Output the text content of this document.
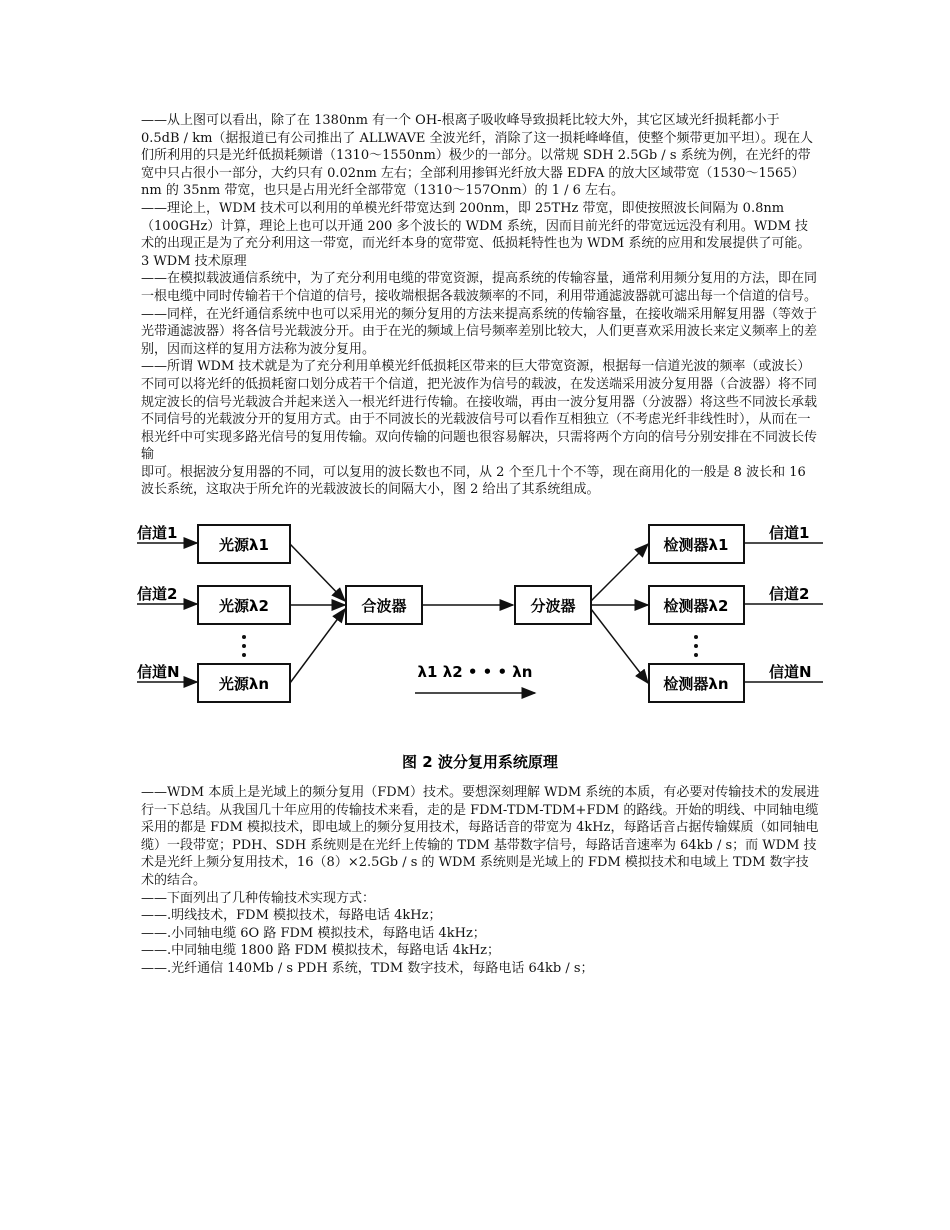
——从上图可以看出，除了在 1380nm 有一个 OH-根离子吸收峰导致损耗比较大外，其它区域光纤损耗都小于 0.5dB / km（据报道已有公司推出了 ALLWAVE 全波光纤，消除了这一损耗峰峰值，使整个频带更加平坦）。现在人们所利用的只是光纤低损耗频谱（1310～1550nm）极少的一部分。以常规 SDH 2.5Gb / s 系统为例，在光纤的带宽中只占很小一部分，大约只有 0.02nm 左右；全部利用掺铒光纤放大器 EDFA 的放大区域带宽（1530～1565）nm 的 35nm 带宽，也只是占用光纤全部带宽（1310～157Onm）的 1 / 6 左右。

——理论上，WDM 技术可以利用的单模光纤带宽达到 200nm，即 25THz 带宽，即使按照波长间隔为 0.8nm（100GHz）计算，理论上也可以开通 200 多个波长的 WDM 系统，因而目前光纤的带宽远远没有利用。WDM 技术的出现正是为了充分利用这一带宽，而光纤本身的宽带宽、低损耗特性也为 WDM 系统的应用和发展提供了可能。

3 WDM 技术原理

——在模拟载波通信系统中，为了充分利用电缆的带宽资源，提高系统的传输容量，通常利用频分复用的方法，即在同一根电缆中同时传输若干个信道的信号，接收端根据各载波频率的不同，利用带通滤波器就可滤出每一个信道的信号。

——同样，在光纤通信系统中也可以采用光的频分复用的方法来提高系统的传输容量，在接收端采用解复用器（等效于光带通滤波器）将各信号光载波分开。由于在光的频域上信号频率差别比较大，人们更喜欢采用波长来定义频率上的差别，因而这样的复用方法称为波分复用。

——所谓 WDM 技术就是为了充分利用单模光纤低损耗区带来的巨大带宽资源，根据每一信道光波的频率（或波长）不同可以将光纤的低损耗窗口划分成若干个信道，把光波作为信号的载波，在发送端采用波分复用器（合波器）将不同规定波长的信号光载波合并起来送入一根光纤进行传输。在接收端，再由一波分复用器（分波器）将这些不同波长承载不同信号的光载波分开的复用方式。由于不同波长的光载波信号可以看作互相独立（不考虑光纤非线性时），从而在一根光纤中可实现多路光信号的复用传输。双向传输的问题也很容易解决，只需将两个方向的信号分别安排在不同波长传输

即可。根据波分复用器的不同，可以复用的波长数也不同，从 2 个至几十个不等，现在商用化的一般是 8 波长和 16 波长系统，这取决于所允许的光载波波长的间隔大小，图 2 给出了其系统组成。

信道1
信道2
信道N
光源λ1
光源λ2
光源λn
合波器	分波器
λ1 λ2 • • • λn
检测器λ1
检测器λ2
检测器λn
信道1
信道2
信道N
图 2 波分复用系统原理

——WDM 本质上是光域上的频分复用（FDM）技术。要想深刻理解 WDM 系统的本质，有必要对传输技术的发展进行一下总结。从我国几十年应用的传输技术来看，走的是 FDM-TDM-TDM+FDM 的路线。开始的明线、中同轴电缆采用的都是 FDM 模拟技术，即电域上的频分复用技术，每路话音的带宽为 4kHz，每路话音占据传输媒质（如同轴电缆）一段带宽；PDH、SDH 系统则是在光纤上传输的 TDM 基带数字信号，每路话音速率为 64kb / s；而 WDM 技术是光纤上频分复用技术，16（8）×2.5Gb / s 的 WDM 系统则是光域上的 FDM 模拟技术和电域上 TDM 数字技术的结合。

——下面列出了几种传输技术实现方式：

——.明线技术，FDM 模拟技术，每路电话 4kHz；

——.小同轴电缆 6O 路 FDM 模拟技术，每路电话 4kHz；

——.中同轴电缆 1800 路 FDM 模拟技术，每路电话 4kHz；

——.光纤通信 140Mb / s PDH 系统，TDM 数字技术，每路电话 64kb / s；
